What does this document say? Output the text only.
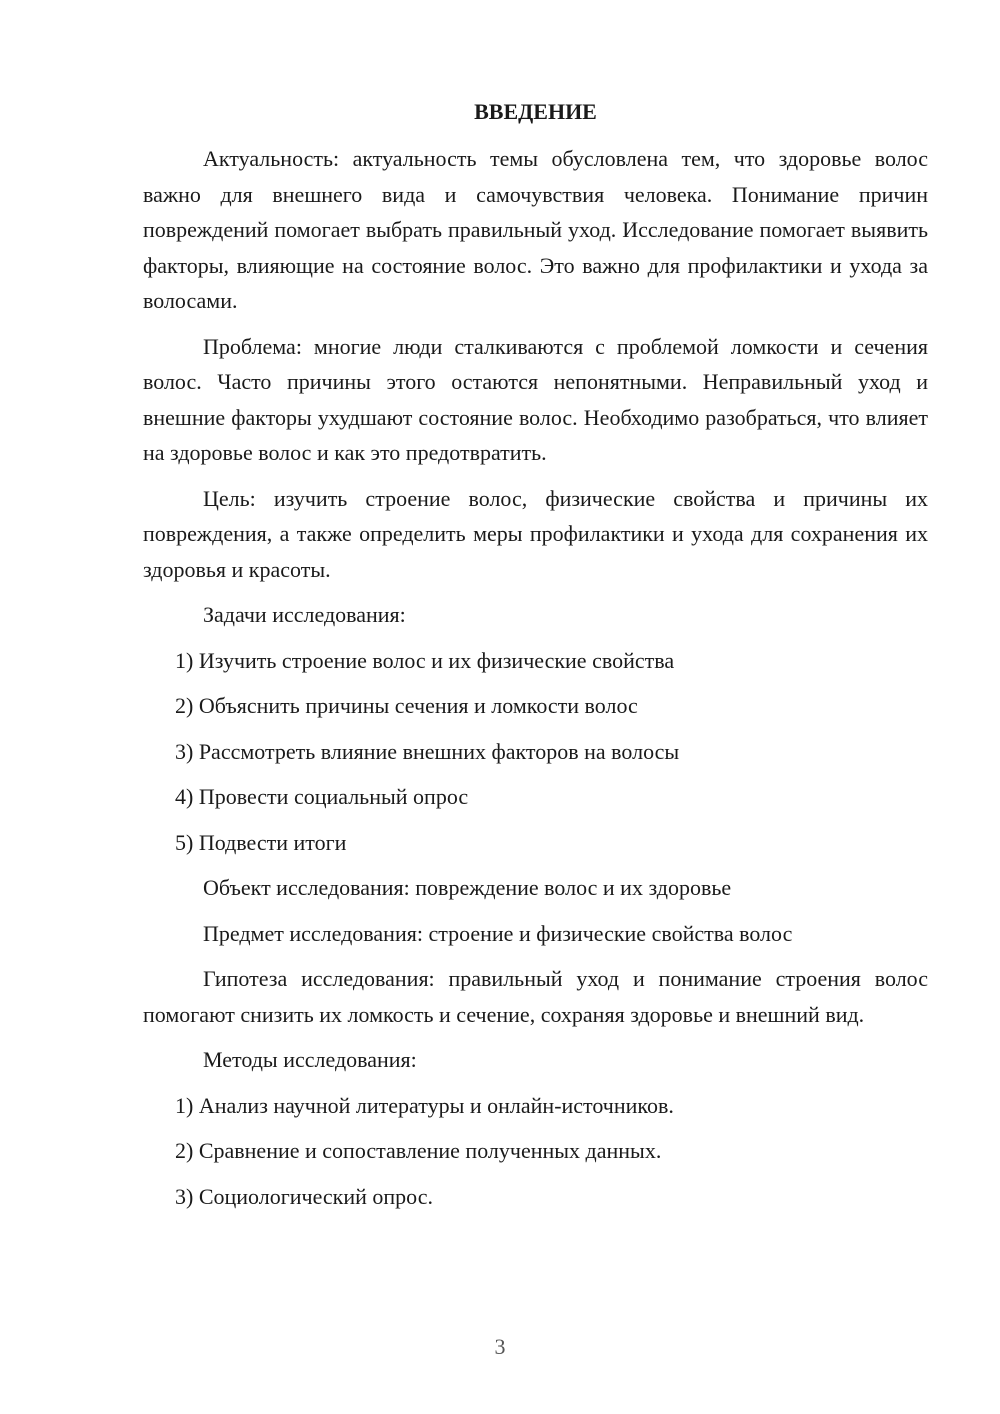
ВВЕДЕНИЕ
Актуальность: актуальность темы обусловлена тем, что здоровье волос важно для внешнего вида и самочувствия человека. Понимание причин повреждений помогает выбрать правильный уход. Исследование помогает выявить факторы, влияющие на состояние волос. Это важно для профилактики и ухода за волосами.
Проблема: многие люди сталкиваются с проблемой ломкости и сечения волос. Часто причины этого остаются непонятными. Неправильный уход и внешние факторы ухудшают состояние волос. Необходимо разобраться, что влияет на здоровье волос и как это предотвратить.
Цель: изучить строение волос, физические свойства и причины их повреждения, а также определить меры профилактики и ухода для сохранения их здоровья и красоты.
Задачи исследования:
1) Изучить строение волос и их физические свойства
2) Объяснить причины сечения и ломкости волос
3) Рассмотреть влияние внешних факторов на волосы
4) Провести социальный опрос
5) Подвести итоги
Объект исследования: повреждение волос и их здоровье
Предмет исследования: строение и физические свойства волос
Гипотеза исследования: правильный уход и понимание строения волос помогают снизить их ломкость и сечение, сохраняя здоровье и внешний вид.
Методы исследования:
1) Анализ научной литературы и онлайн-источников.
2) Сравнение и сопоставление полученных данных.
3) Социологический опрос.
3
